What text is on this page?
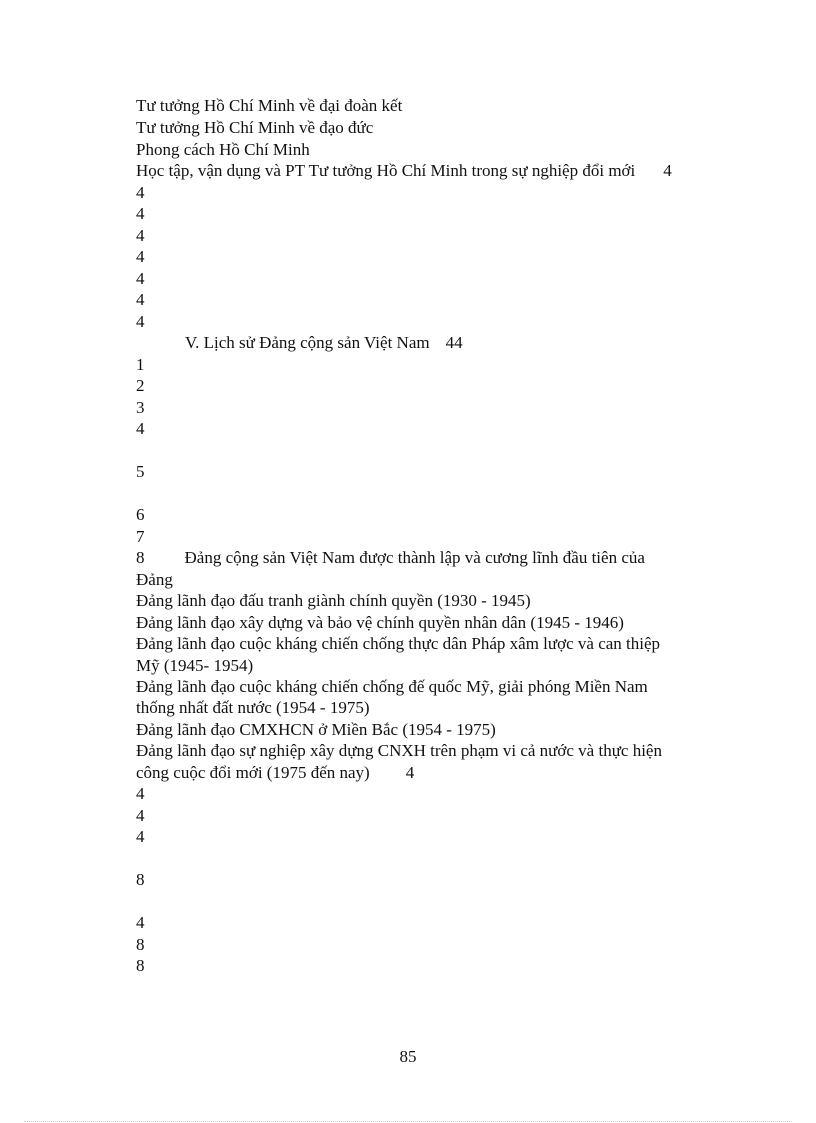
Tư tưởng Hồ Chí Minh về đại đoàn kết

Tư tưởng Hồ Chí Minh về đạo đức

Phong cách Hồ Chí Minh

Học tập, vận dụng và PT Tư tưởng Hồ Chí Minh trong sự nghiệp đổi mới 4

4

4

4

4

4

4

4

V. Lịch sử Đảng cộng sản Việt Nam 44

1

2

3

4

5

6

7

8 Đảng cộng sản Việt Nam được thành lập và cương lĩnh đầu tiên của

Đảng

Đảng lãnh đạo đấu tranh giành chính quyền (1930 - 1945)

Đảng lãnh đạo xây dựng và bảo vệ chính quyền nhân dân (1945 - 1946)

Đảng lãnh đạo cuộc kháng chiến chống thực dân Pháp xâm lược và can thiệp

Mỹ (1945- 1954)

Đảng lãnh đạo cuộc kháng chiến chống đế quốc Mỹ, giải phóng Miền Nam

thống nhất đất nước (1954 - 1975)

Đảng lãnh đạo CMXHCN ở Miền Bắc (1954 - 1975)

Đảng lãnh đạo sự nghiệp xây dựng CNXH trên phạm vi cả nước và thực hiện

công cuộc đổi mới (1975 đến nay) 4

4

4

4

8

4

8

8

85
